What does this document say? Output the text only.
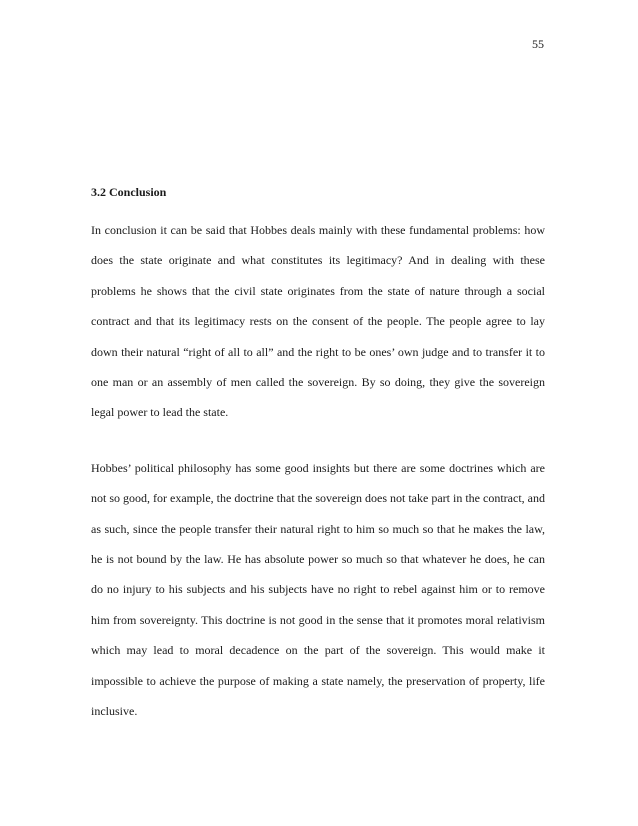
55
3.2 Conclusion

In conclusion it can be said that Hobbes deals mainly with these fundamental problems: how does the state originate and what constitutes its legitimacy? And in dealing with these problems he shows that the civil state originates from the state of nature through a social contract and that its legitimacy rests on the consent of the people. The people agree to lay down their natural “right of all to all” and the right to be ones’ own judge and to transfer it to one man or an assembly of men called the sovereign. By so doing, they give the sovereign legal power to lead the state.

Hobbes’ political philosophy has some good insights but there are some doctrines which are not so good, for example, the doctrine that the sovereign does not take part in the contract, and as such, since the people transfer their natural right to him so much so that he makes the law, he is not bound by the law. He has absolute power so much so that whatever he does, he can do no injury to his subjects and his subjects have no right to rebel against him or to remove him from sovereignty. This doctrine is not good in the sense that it promotes moral relativism which may lead to moral decadence on the part of the sovereign. This would make it impossible to achieve the purpose of making a state namely, the preservation of property, life inclusive.
